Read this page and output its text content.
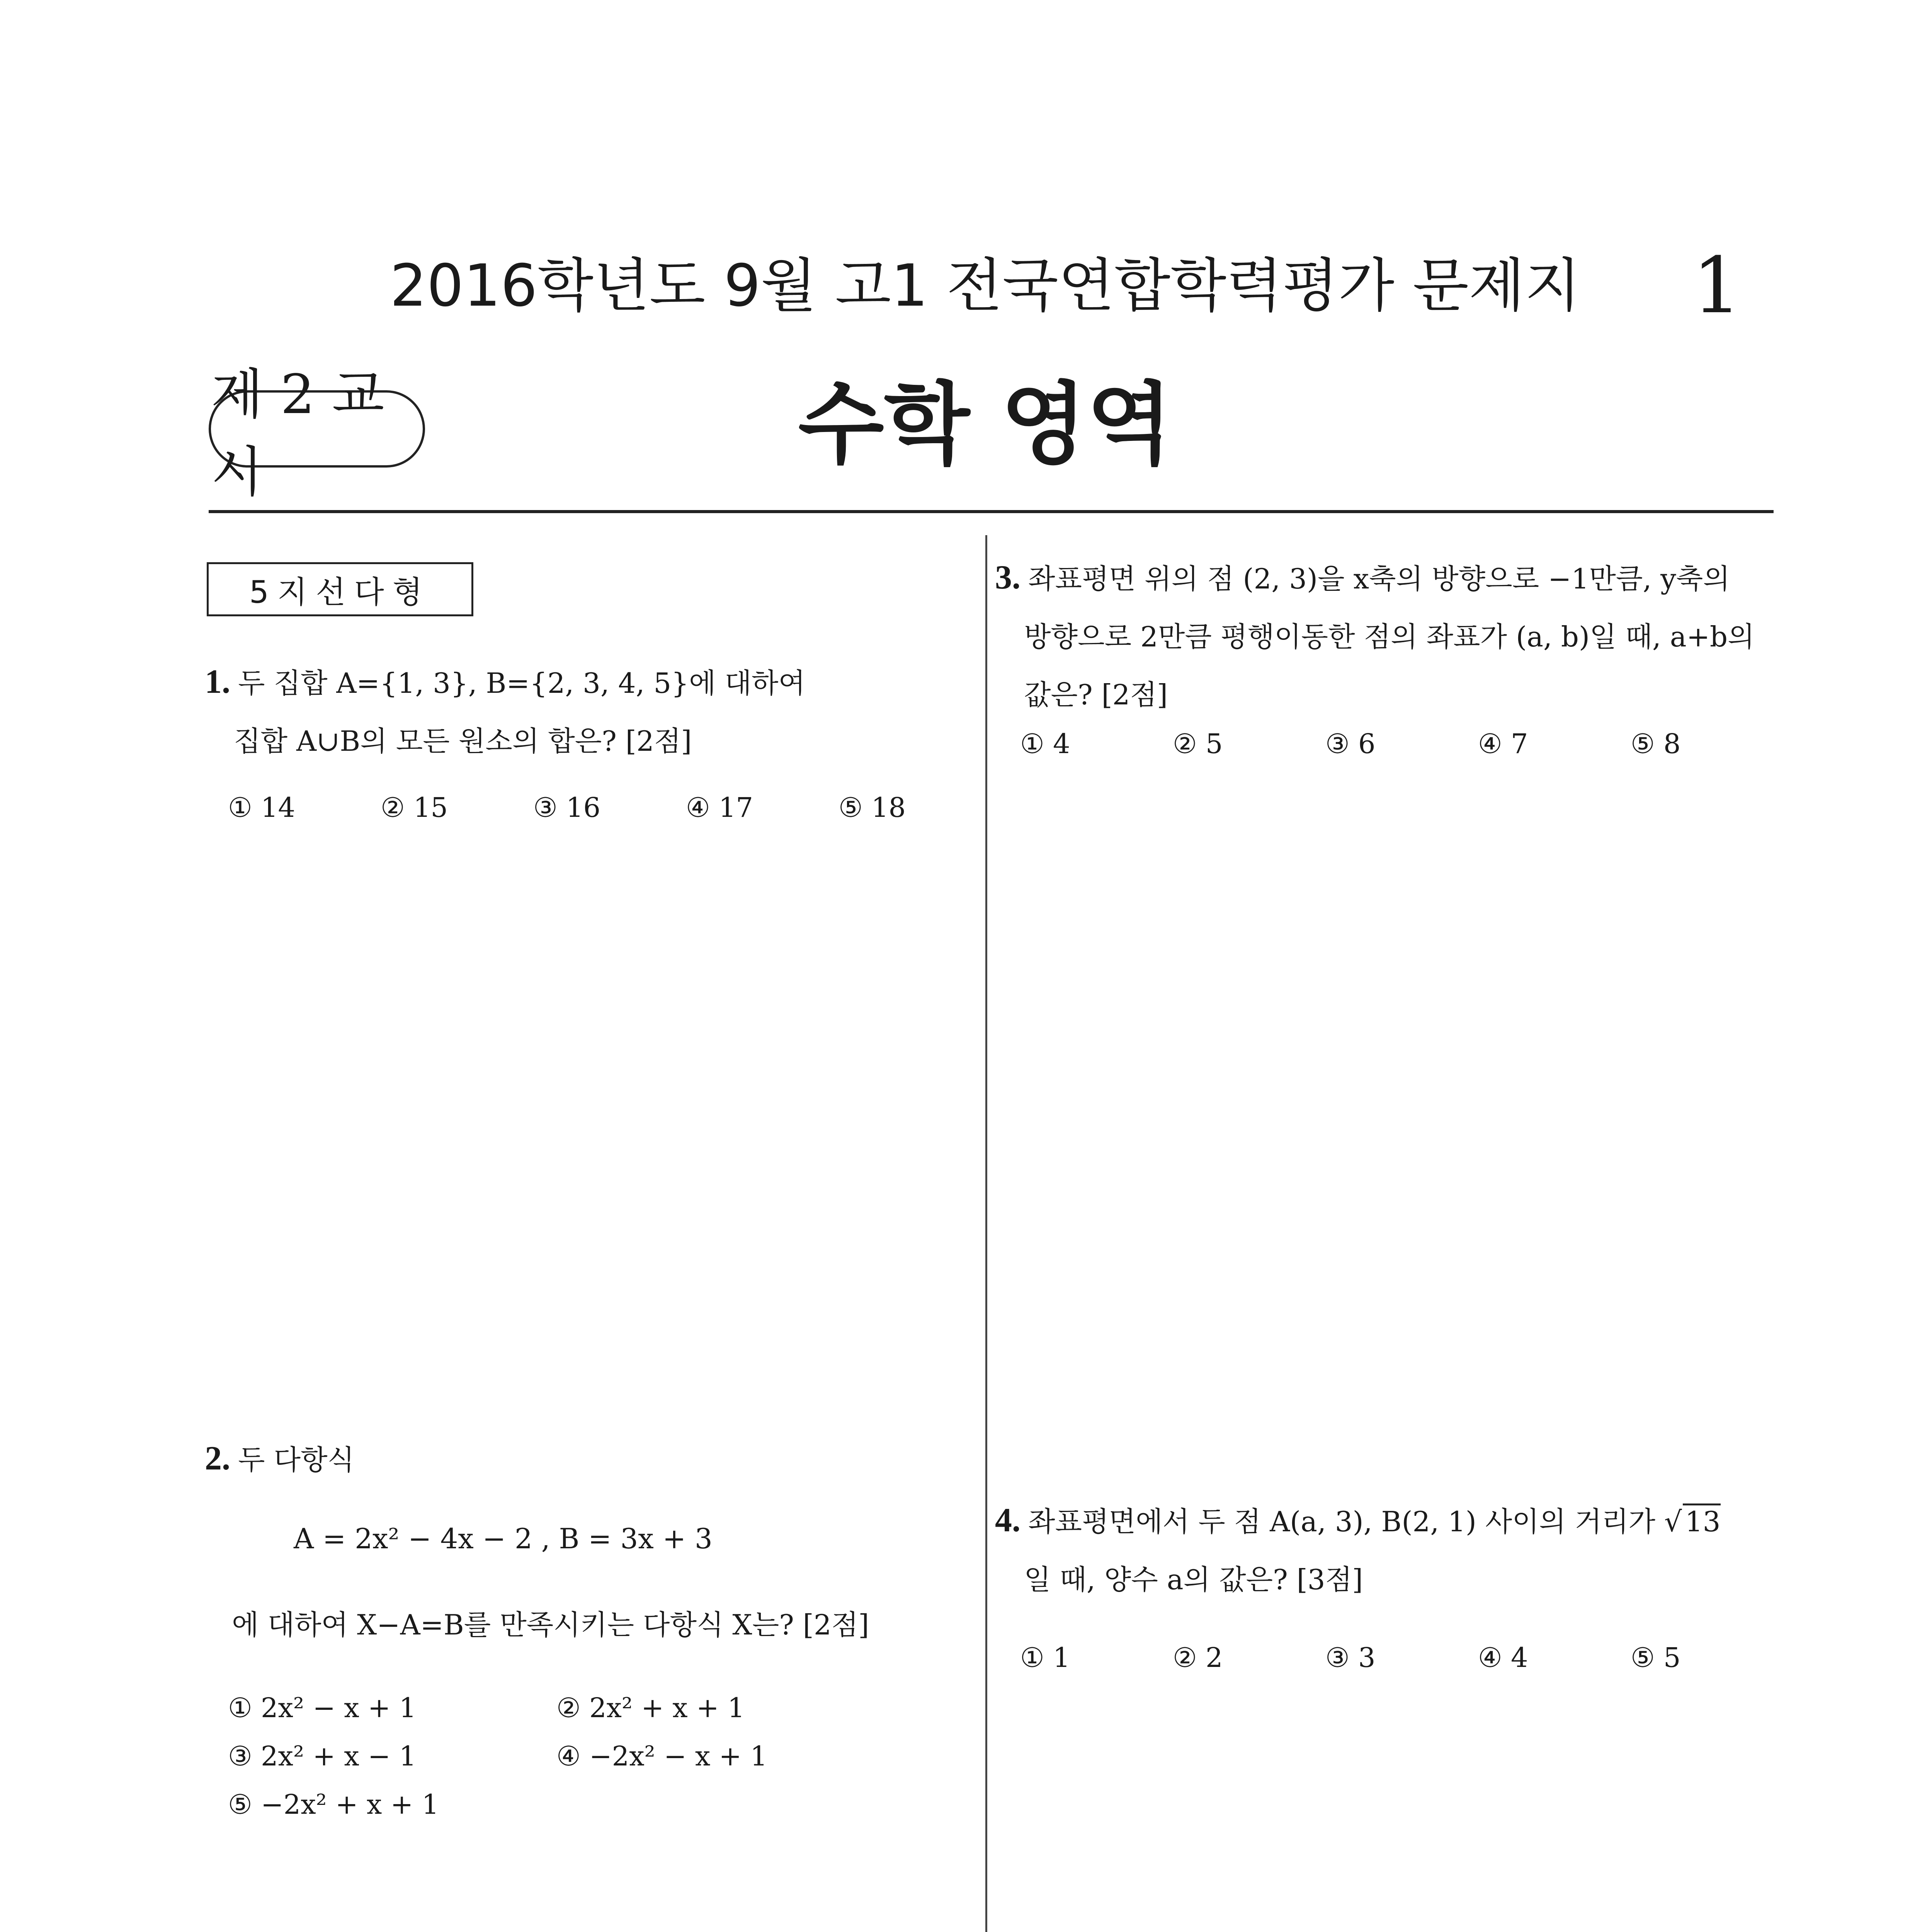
2016학년도 9월 고1 전국연합학력평가 문제지	1
제 2 교시	수학 영역
5지선다형
1. 두 집합 A={1, 3}, B={2, 3, 4, 5}에 대하여
집합 A∪B의 모든 원소의 합은? [2점]
① 14	② 15	③ 16	④ 17	⑤ 18
2. 두 다항식
A = 2x² − 4x − 2 , B = 3x + 3
에 대하여 X−A=B를 만족시키는 다항식 X는? [2점]
① 2x² − x + 1	② 2x² + x + 1
③ 2x² + x − 1	④ −2x² − x + 1
⑤ −2x² + x + 1
3. 좌표평면 위의 점 (2, 3)을 x축의 방향으로 −1만큼, y축의
방향으로 2만큼 평행이동한 점의 좌표가 (a, b)일 때, a+b의
값은? [2점]
① 4	② 5	③ 6	④ 7	⑤ 8
4. 좌표평면에서 두 점 A(a, 3), B(2, 1) 사이의 거리가 √ 13
일 때, 양수 a의 값은? [3점]
① 1	② 2	③ 3	④ 4	⑤ 5
